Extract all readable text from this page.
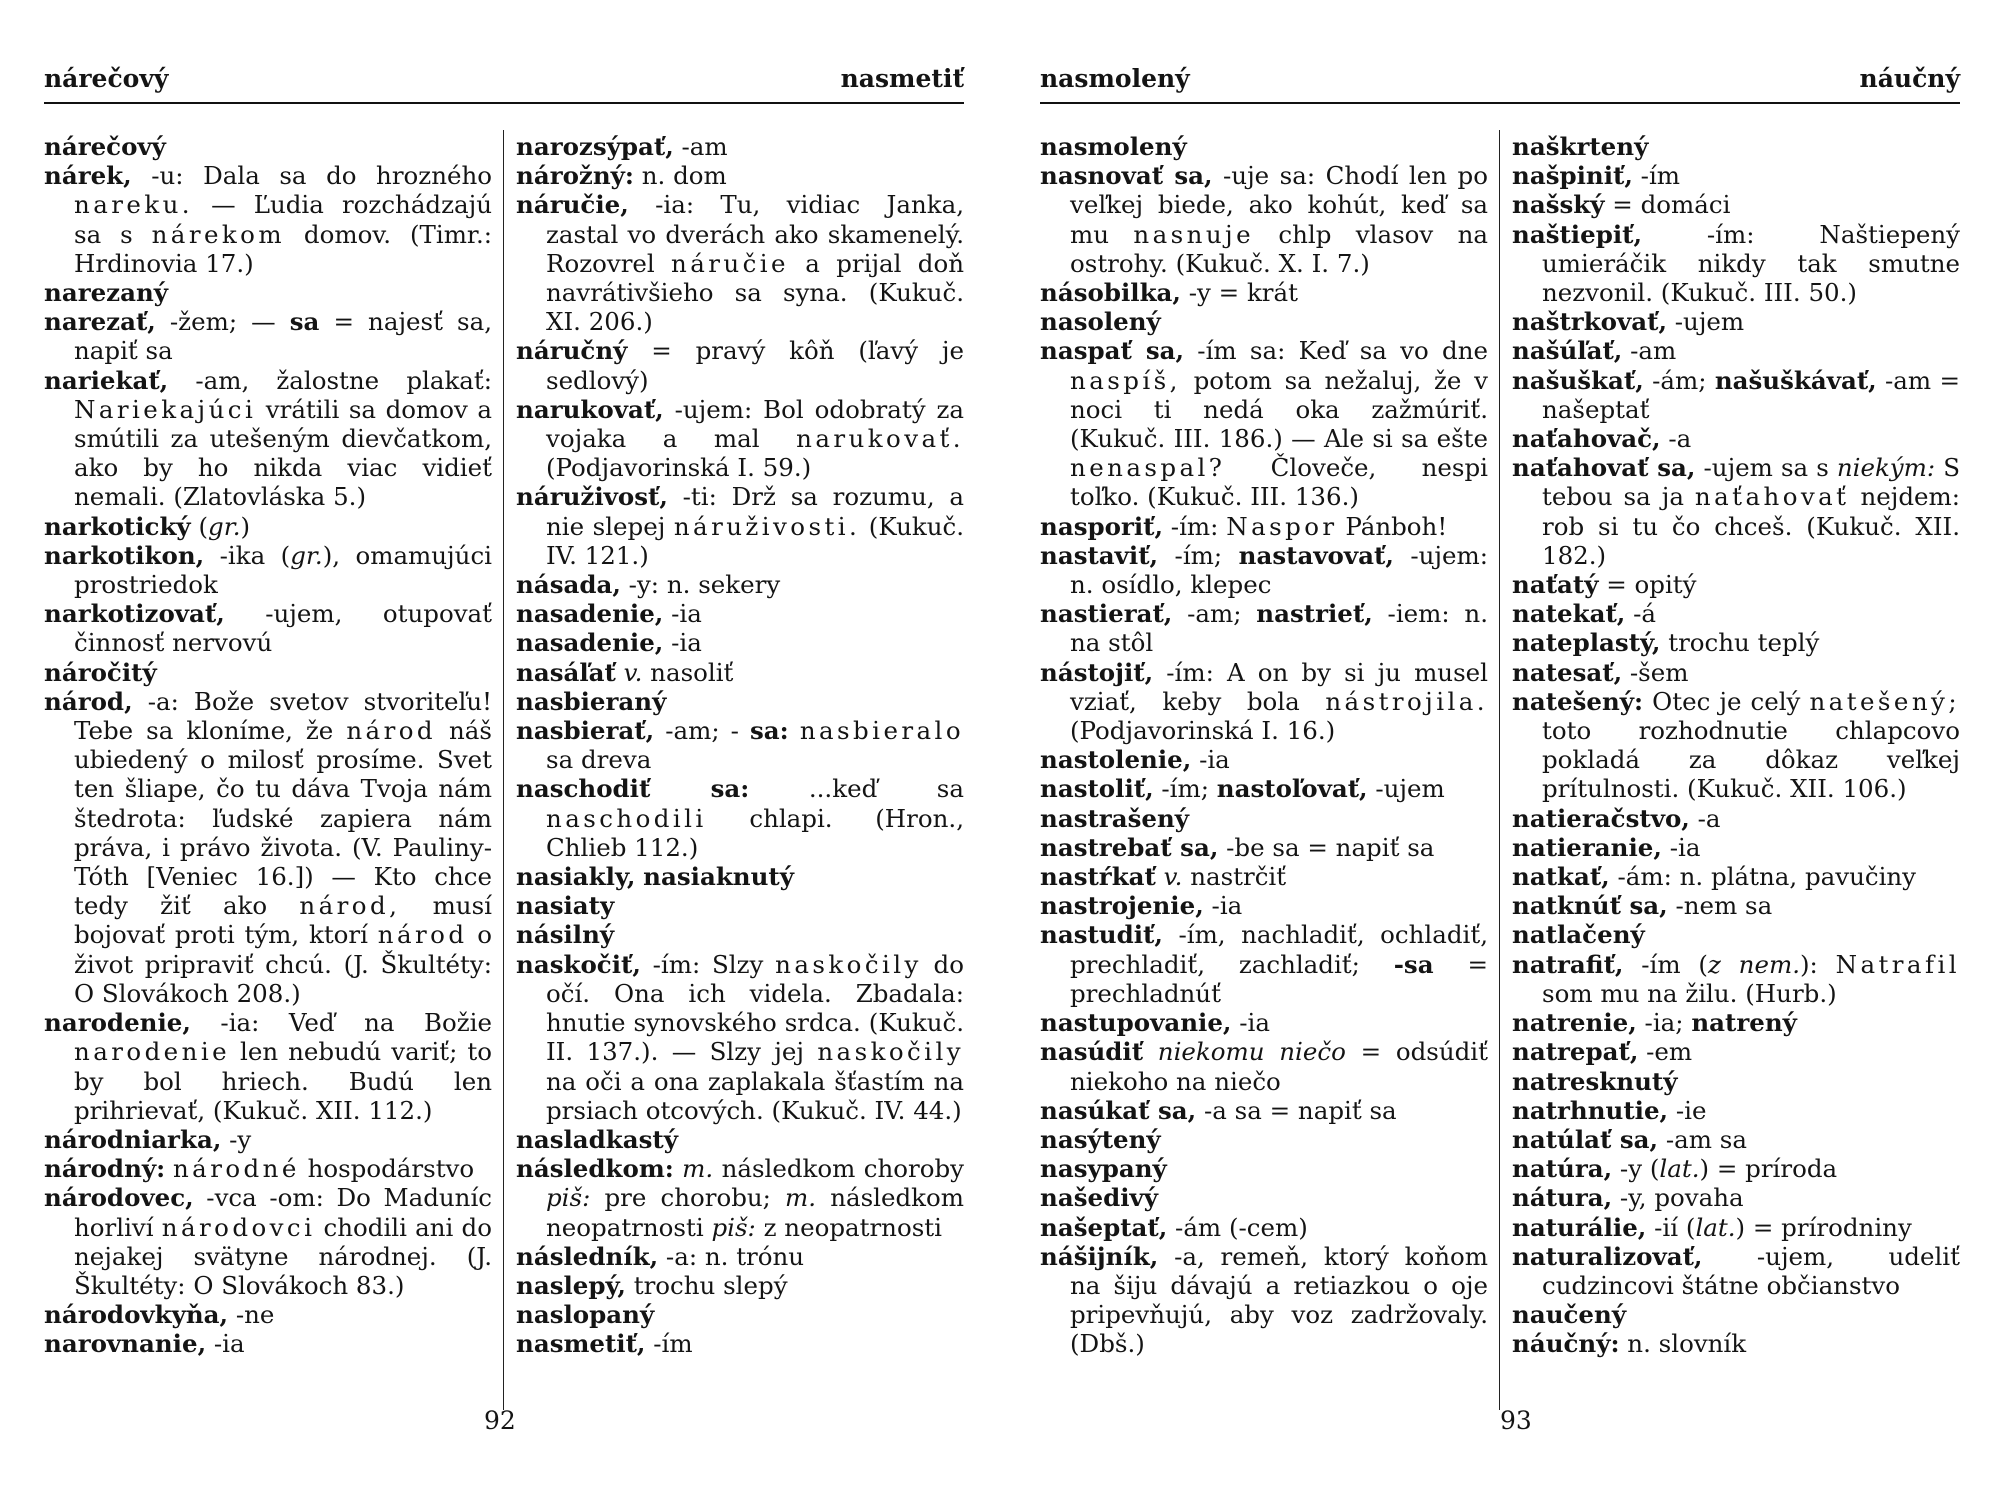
nárečový	nasmetiť
nárečový
nárek, -u: Dala sa do hrozného nareku. — Ľudia rozchádzajú sa s nárekom domov. (Timr.: Hrdinovia 17.)
narezaný
narezať, -žem; — sa = najesť sa, napiť sa
nariekať, -am, žalostne plakať: Nariekajúci vrátili sa domov a smútili za utešeným dievčatkom, ako by ho nikda viac vidieť nemali. (Zlatovláska 5.)
narkotický (gr.)
narkotikon, -ika (gr.), omamujúci prostriedok
narkotizovať, -ujem, otupovať činnosť nervovú
náročitý
národ, -a: Bože svetov stvoriteľu! Tebe sa kloníme, že národ náš ubiedený o milosť prosíme. Svet ten šliape, čo tu dáva Tvoja nám štedrota: ľudské zapiera nám práva, i právo života. (V. Pauliny-Tóth [Veniec 16.]) — Kto chce tedy žiť ako národ, musí bojovať proti tým, ktorí národ o život pripraviť chcú. (J. Škultéty: O Slovákoch 208.)
narodenie, -ia: Veď na Božie narodenie len nebudú variť; to by bol hriech. Budú len prihrievať, (Kukuč. XII. 112.)
národniarka, -y
národný: národné hospodárstvo
národovec, -vca -om: Do Maduníc horliví národovci chodili ani do nejakej svätyne národnej. (J. Škultéty: O Slovákoch 83.)
národovkyňa, -ne
narovnanie, -ia
narozsýpať, -am
nárožný: n. dom
náručie, -ia: Tu, vidiac Janka, zastal vo dverách ako skamenelý. Rozovrel náručie a prijal doň navrátivšieho sa syna. (Kukuč. XI. 206.)
náručný = pravý kôň (ľavý je sedlový)
narukovať, -ujem: Bol odobratý za vojaka a mal narukovať. (Podjavorinská I. 59.)
náruživosť, -ti: Drž sa rozumu, a nie slepej náruživosti. (Kukuč. IV. 121.)
násada, -y: n. sekery
nasadenie, -ia
nasadenie, -ia
nasáľať v. nasoliť
nasbieraný
nasbierať, -am; - sa: nasbieralo sa dreva
naschodiť sa: ...keď sa naschodili chlapi. (Hron., Chlieb 112.)
nasiakly, nasiaknutý
nasiaty
násilný
naskočiť, -ím: Slzy naskočily do očí. Ona ich videla. Zbadala: hnutie synovského srdca. (Kukuč. II. 137.). — Slzy jej naskočily na oči a ona zaplakala šťastím na prsiach otcových. (Kukuč. IV. 44.)
nasladkastý
následkom: m. následkom choroby piš: pre chorobu; m. následkom neopatrnosti piš: z neopatrnosti
následník, -a: n. trónu
naslepý, trochu slepý
naslopaný
nasmetiť, -ím
92
nasmolený	náučný
nasmolený
nasnovať sa, -uje sa: Chodí len po veľkej biede, ako kohút, keď sa mu nasnuje chlp vlasov na ostrohy. (Kukuč. X. I. 7.)
násobilka, -y = krát
nasolený
naspať sa, -ím sa: Keď sa vo dne naspíš, potom sa nežaluj, že v noci ti nedá oka zažmúriť. (Kukuč. III. 186.) — Ale si sa ešte nenaspal? Človeče, nespi toľko. (Kukuč. III. 136.)
nasporiť, -ím: Naspor Pánboh!
nastaviť, -ím; nastavovať, -ujem: n. osídlo, klepec
nastierať, -am; nastrieť, -iem: n. na stôl
nástojiť, -ím: A on by si ju musel vziať, keby bola nástrojila. (Podjavorinská I. 16.)
nastolenie, -ia
nastoliť, -ím; nastoľovať, -ujem
nastrašený
nastrebať sa, -be sa = napiť sa
nastŕkať v. nastrčiť
nastrojenie, -ia
nastudiť, -ím, nachladiť, ochladiť, prechladiť, zachladiť; -sa = prechladnúť
nastupovanie, -ia
nasúdiť niekomu niečo = odsúdiť niekoho na niečo
nasúkať sa, -a sa = napiť sa
nasýtený
nasypaný
našedivý
našeptať, -ám (-cem)
nášijník, -a, remeň, ktorý koňom na šiju dávajú a retiazkou o oje pripevňujú, aby voz zadržovaly. (Dbš.)
naškrtený
našpiniť, -ím
našský = domáci
naštiepiť, -ím: Naštiepený umieráčik nikdy tak smutne nezvonil. (Kukuč. III. 50.)
naštrkovať, -ujem
našúľať, -am
našuškať, -ám; našuškávať, -am = našeptať
naťahovač, -a
naťahovať sa, -ujem sa s niekým: S tebou sa ja naťahovať nejdem: rob si tu čo chceš. (Kukuč. XII. 182.)
naťatý = opitý
natekať, -á
nateplastý, trochu teplý
natesať, -šem
natešený: Otec je celý natešený; toto rozhodnutie chlapcovo pokladá za dôkaz veľkej prítulnosti. (Kukuč. XII. 106.)
natieračstvo, -a
natieranie, -ia
natkať, -ám: n. plátna, pavučiny
natknúť sa, -nem sa
natlačený
natrafiť, -ím (z nem.): Natrafil som mu na žilu. (Hurb.)
natrenie, -ia; natrený
natrepať, -em
natresknutý
natrhnutie, -ie
natúlať sa, -am sa
natúra, -y (lat.) = príroda
nátura, -y, povaha
naturálie, -ií (lat.) = prírodniny
naturalizovať, -ujem, udeliť cudzincovi štátne občianstvo
naučený
náučný: n. slovník
93
